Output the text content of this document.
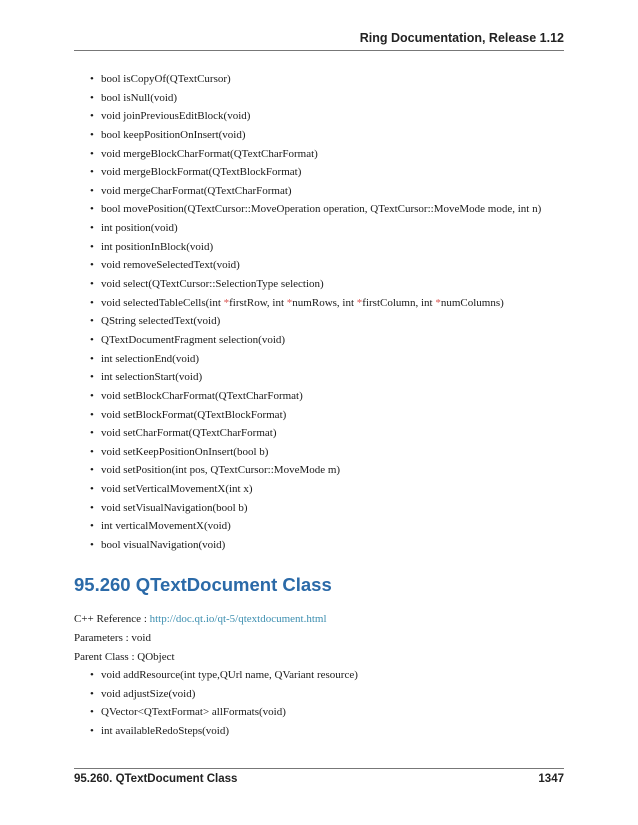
Ring Documentation, Release 1.12
• bool isCopyOf(QTextCursor)
• bool isNull(void)
• void joinPreviousEditBlock(void)
• bool keepPositionOnInsert(void)
• void mergeBlockCharFormat(QTextCharFormat)
• void mergeBlockFormat(QTextBlockFormat)
• void mergeCharFormat(QTextCharFormat)
• bool movePosition(QTextCursor::MoveOperation operation, QTextCursor::MoveMode mode, int n)
• int position(void)
• int positionInBlock(void)
• void removeSelectedText(void)
• void select(QTextCursor::SelectionType selection)
• void selectedTableCells(int *firstRow, int *numRows, int *firstColumn, int *numColumns)
• QString selectedText(void)
• QTextDocumentFragment selection(void)
• int selectionEnd(void)
• int selectionStart(void)
• void setBlockCharFormat(QTextCharFormat)
• void setBlockFormat(QTextBlockFormat)
• void setCharFormat(QTextCharFormat)
• void setKeepPositionOnInsert(bool b)
• void setPosition(int pos, QTextCursor::MoveMode m)
• void setVerticalMovementX(int x)
• void setVisualNavigation(bool b)
• int verticalMovementX(void)
• bool visualNavigation(void)
95.260 QTextDocument Class
C++ Reference : http://doc.qt.io/qt-5/qtextdocument.html
Parameters : void
Parent Class : QObject
• void addResource(int type,QUrl name, QVariant resource)
• void adjustSize(void)
• QVector<QTextFormat> allFormats(void)
• int availableRedoSteps(void)
95.260. QTextDocument Class	1347
